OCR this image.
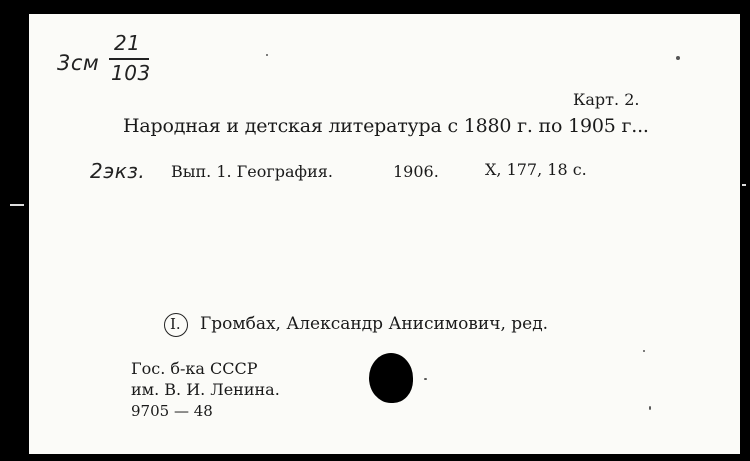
3см
21
103
Карт. 2.
Народная и детская литература с 1880 г. по 1905 г...
2экз. Вып. 1. География.	1906.	X, 177, 18 с.
I. Громбах, Александр Анисимович, ред.
Гос. б-ка СССР
им. В. И. Ленина.
9705 — 48
